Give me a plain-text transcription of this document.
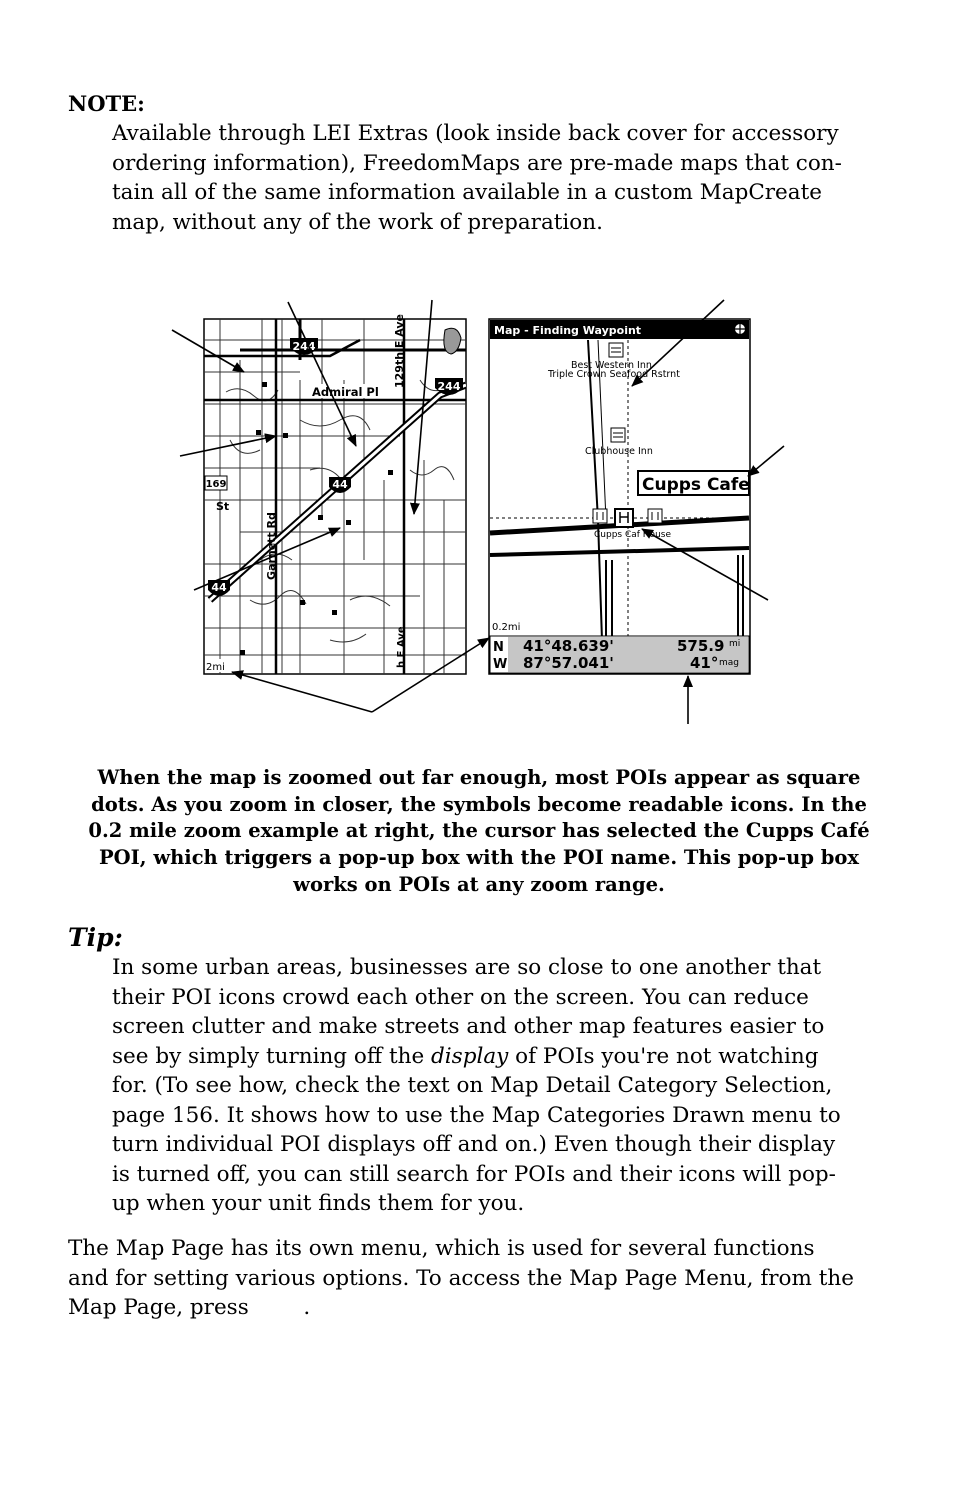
NOTE:
Available through LEI Extras (look inside back cover for accessory
ordering information), FreedomMaps are pre-made maps that con-
tain all of the same information available in a custom MapCreate
map, without any of the work of preparation.
244
244
44
44
169
Admiral Pl
129th E Ave
Garnett Rd
St
h E Ave
2mi
Map - Finding Waypoint
Best Western Inn
Triple Crown Seafood Rstrnt
Clubhouse Inn
Cupps Caf House
Cupps Cafe
0.2mi
N
W
41°48.639'
87°57.041'
575.9 mi
41° mag
When the map is zoomed out far enough, most POIs appear as square
dots. As you zoom in closer, the symbols become readable icons. In the
0.2 mile zoom example at right, the cursor has selected the Cupps Café
POI, which triggers a pop-up box with the POI name. This pop-up box
works on POIs at any zoom range.
Tip:
In some urban areas, businesses are so close to one another that
their POI icons crowd each other on the screen. You can reduce
screen clutter and make streets and other map features easier to
see by simply turning off the display of POIs you're not watching
for. (To see how, check the text on Map Detail Category Selection,
page 156. It shows how to use the Map Categories Drawn menu to
turn individual POI displays off and on.) Even though their display
is turned off, you can still search for POIs and their icons will pop-
up when your unit finds them for you.
The Map Page has its own menu, which is used for several functions
and for setting various options. To access the Map Page Menu, from the
Map Page, press        .
